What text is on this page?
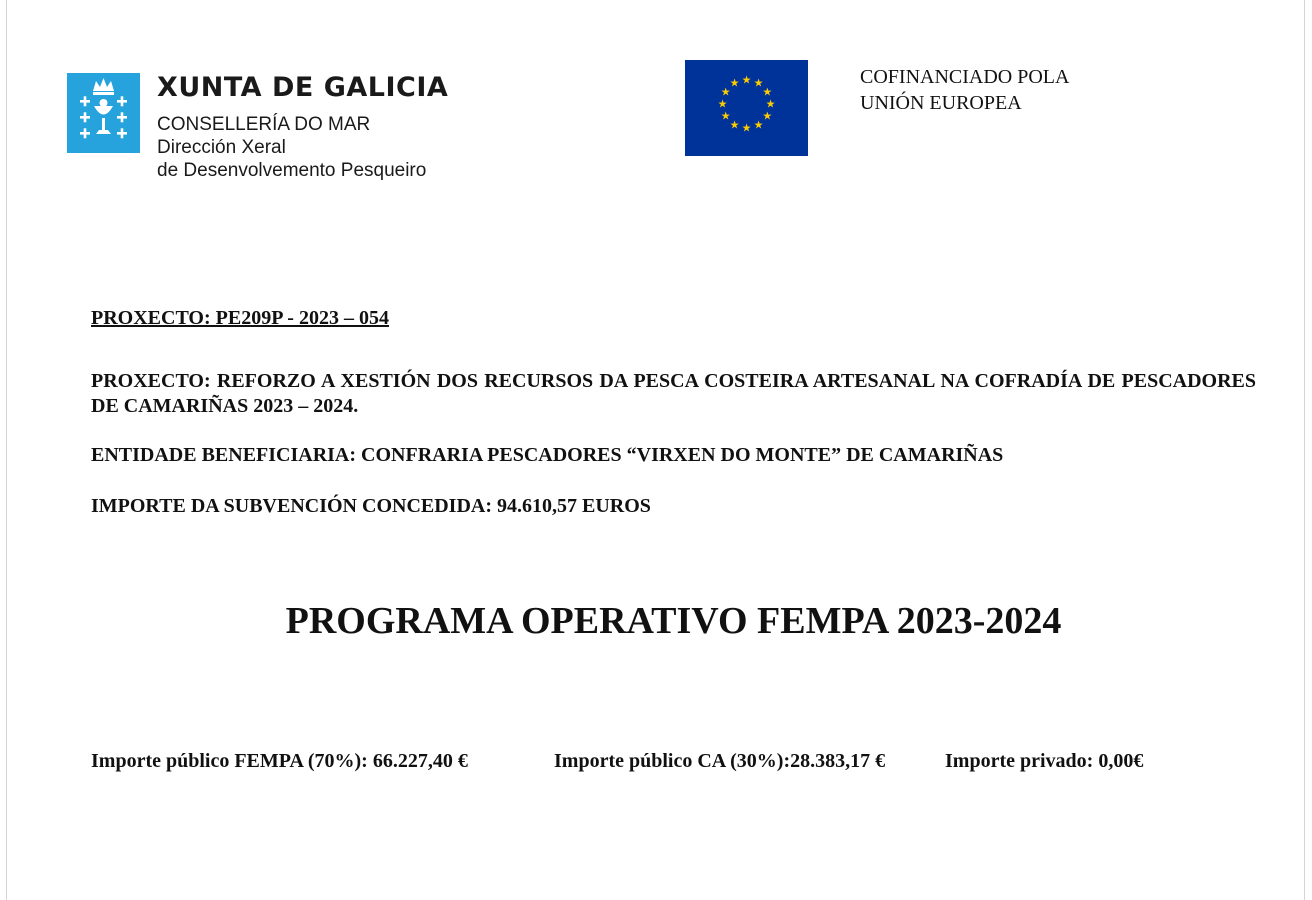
XUNTA DE GALICIA
CONSELLERÍA DO MAR
Dirección Xeral
de Desenvolvemento Pesqueiro
★ ★
★
★
★
★
★
★
★
★
★
★	COFINANCIADO POLA
UNIÓN EUROPEA
PROXECTO: PE209P - 2023 – 054
PROXECTO: REFORZO A XESTIÓN DOS RECURSOS DA PESCA COSTEIRA ARTESANAL NA COFRADÍA DE PESCADORES DE CAMARIÑAS 2023 – 2024.
ENTIDADE BENEFICIARIA: CONFRARIA PESCADORES “VIRXEN DO MONTE” DE CAMARIÑAS
IMPORTE DA SUBVENCIÓN CONCEDIDA: 94.610,57 EUROS
PROGRAMA OPERATIVO FEMPA 2023-2024
Importe público FEMPA (70%): 66.227,40 €	Importe público CA (30%):28.383,17 €	Importe privado: 0,00€
